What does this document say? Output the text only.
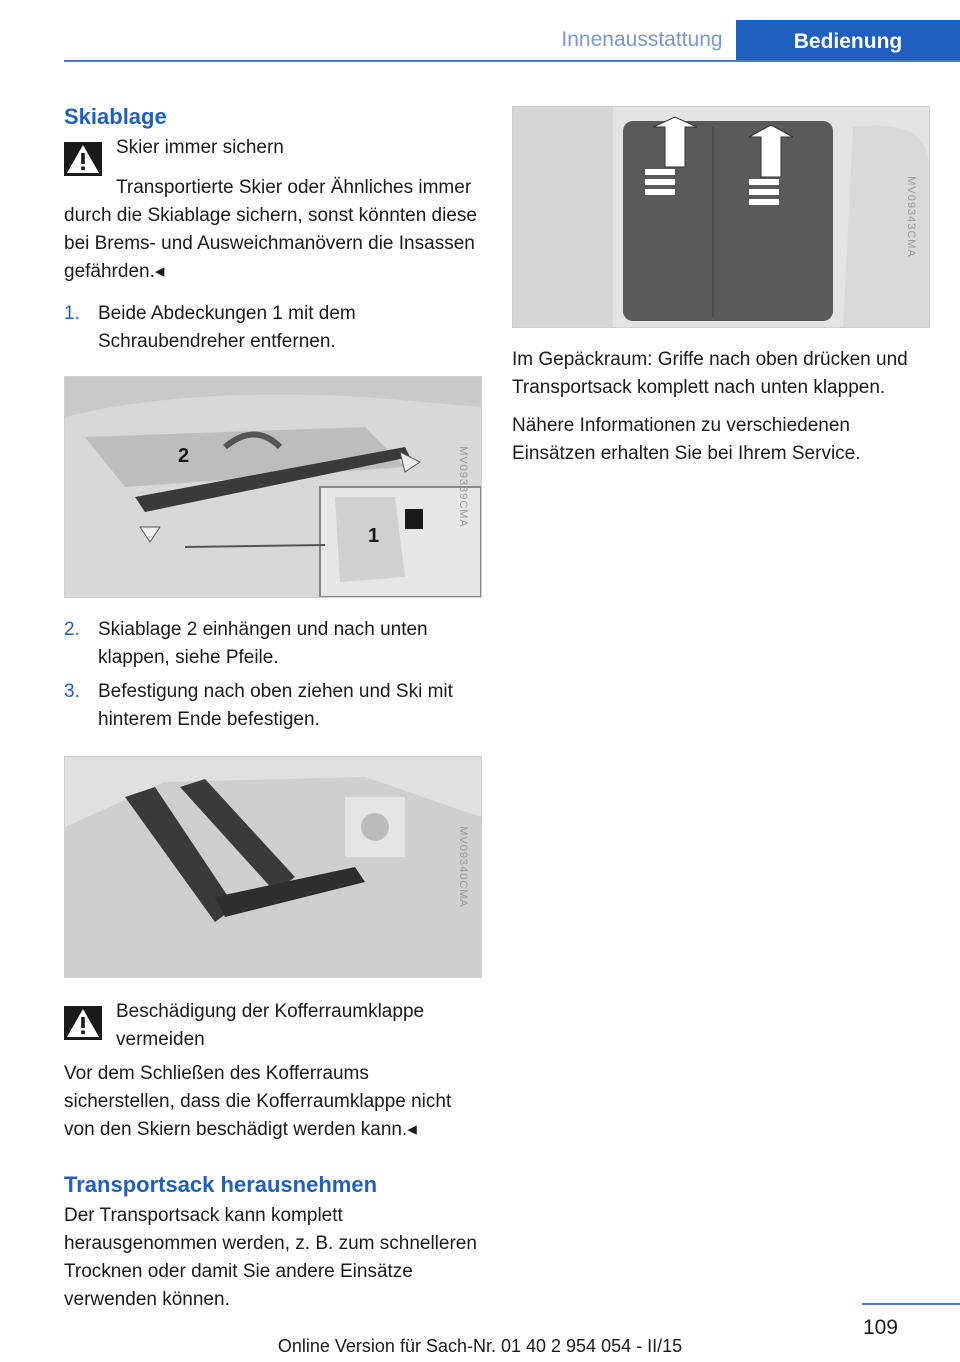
Innenausstattung	Bedienung
Skiablage

Skier immer sichern

Transportierte Skier oder Ähnliches immer durch die Skiablage sichern, sonst könnten diese bei Brems- und Ausweichmanövern die Insassen gefährden.◂

1. Beide Abdeckungen 1 mit dem Schraubendreher entfernen.
2
1
MV09339CMA
2. Skiablage 2 einhängen und nach unten klappen, siehe Pfeile.
3. Befestigung nach oben ziehen und Ski mit hinterem Ende befestigen.
MV09340CMA

Beschädigung der Kofferraumklappe vermeiden

Vor dem Schließen des Kofferraums sicherstellen, dass die Kofferraumklappe nicht von den Skiern beschädigt werden kann.◂

Transportsack herausnehmen

Der Transportsack kann komplett herausgenommen werden, z. B. zum schnelleren Trocknen oder damit Sie andere Einsätze verwenden können.

MV09343CMA

Im Gepäckraum: Griffe nach oben drücken und Transportsack komplett nach unten klappen.

Nähere Informationen zu verschiedenen Einsätzen erhalten Sie bei Ihrem Service.

109
Online Version für Sach-Nr. 01 40 2 954 054 - II/15
